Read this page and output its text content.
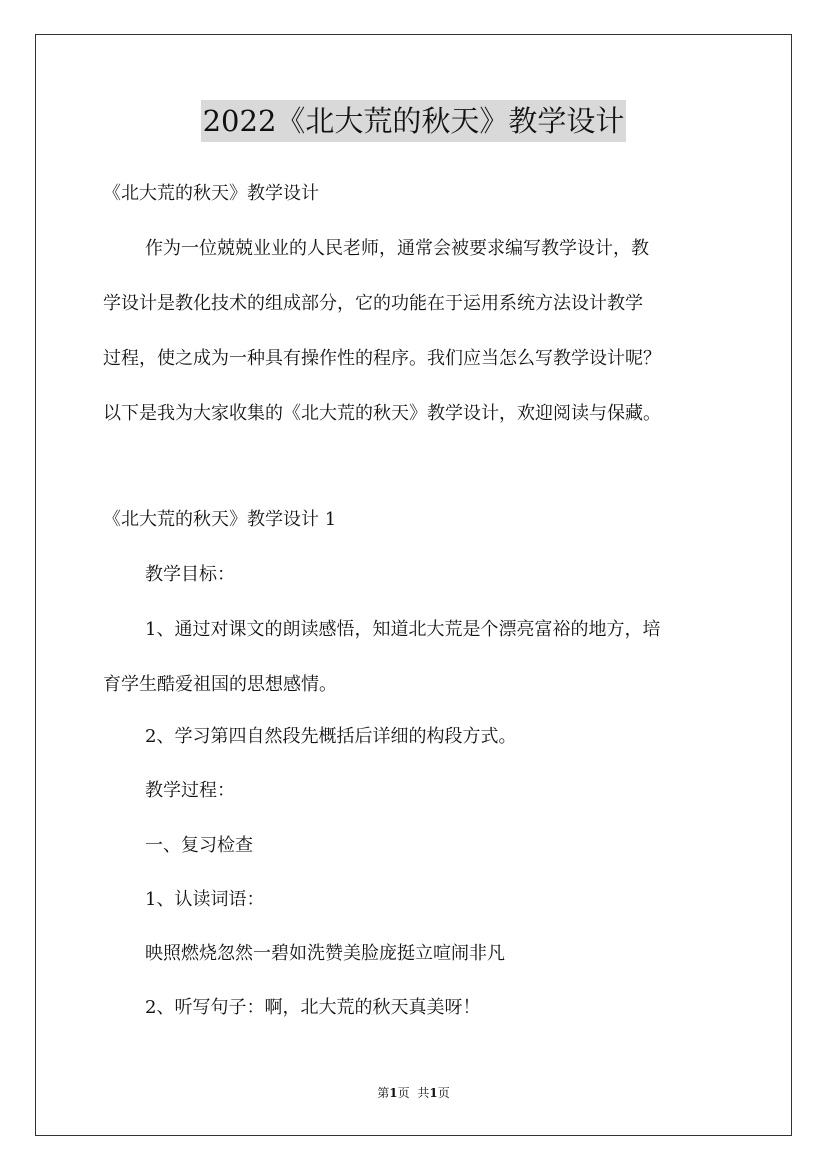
2022《北大荒的秋天》教学设计
《北大荒的秋天》教学设计
作为一位兢兢业业的人民老师，通常会被要求编写教学设计，教
学设计是教化技术的组成部分，它的功能在于运用系统方法设计教学
过程，使之成为一种具有操作性的程序。我们应当怎么写教学设计呢？
以下是我为大家收集的《北大荒的秋天》教学设计，欢迎阅读与保藏。
《北大荒的秋天》教学设计 1
教学目标：
1、通过对课文的朗读感悟，知道北大荒是个漂亮富裕的地方，培
育学生酷爱祖国的思想感情。
2、学习第四自然段先概括后详细的构段方式。
教学过程：
一、复习检查
1、认读词语：
映照燃烧忽然一碧如洗赞美脸庞挺立喧闹非凡
2、听写句子：啊，北大荒的秋天真美呀！
第1页 共1页
